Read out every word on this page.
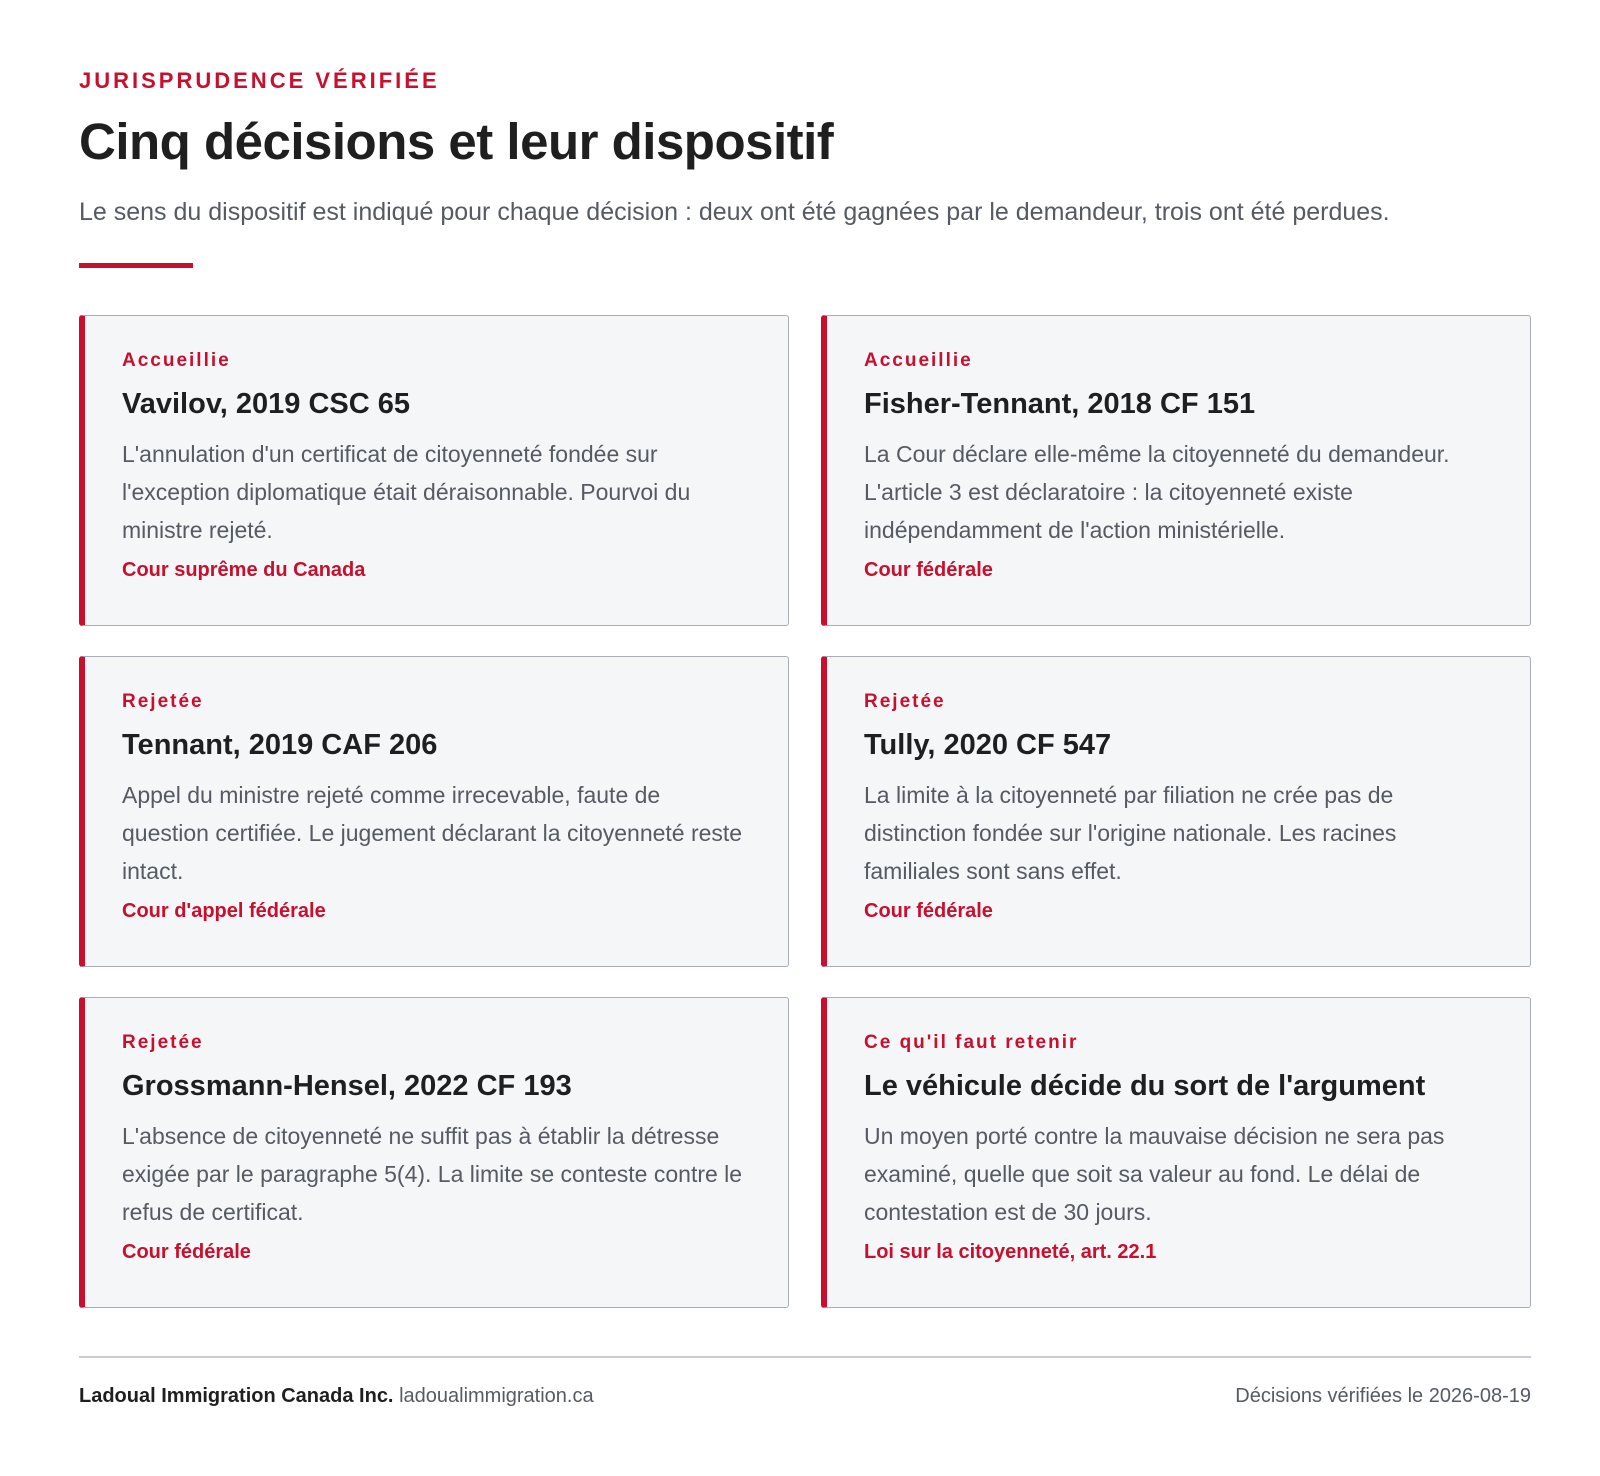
JURISPRUDENCE VÉRIFIÉE
Cinq décisions et leur dispositif
Le sens du dispositif est indiqué pour chaque décision : deux ont été gagnées par le demandeur, trois ont été perdues.
Accueillie
Vavilov, 2019 CSC 65
L'annulation d'un certificat de citoyenneté fondée sur l'exception diplomatique était déraisonnable. Pourvoi du ministre rejeté.
Cour suprême du Canada
Accueillie
Fisher-Tennant, 2018 CF 151
La Cour déclare elle-même la citoyenneté du demandeur. L'article 3 est déclaratoire : la citoyenneté existe indépendamment de l'action ministérielle.
Cour fédérale
Rejetée
Tennant, 2019 CAF 206
Appel du ministre rejeté comme irrecevable, faute de question certifiée. Le jugement déclarant la citoyenneté reste intact.
Cour d'appel fédérale
Rejetée
Tully, 2020 CF 547
La limite à la citoyenneté par filiation ne crée pas de distinction fondée sur l'origine nationale. Les racines familiales sont sans effet.
Cour fédérale
Rejetée
Grossmann-Hensel, 2022 CF 193
L'absence de citoyenneté ne suffit pas à établir la détresse exigée par le paragraphe 5(4). La limite se conteste contre le refus de certificat.
Cour fédérale
Ce qu'il faut retenir
Le véhicule décide du sort de l'argument
Un moyen porté contre la mauvaise décision ne sera pas examiné, quelle que soit sa valeur au fond. Le délai de contestation est de 30 jours.
Loi sur la citoyenneté, art. 22.1
Ladoual Immigration Canada Inc. ladoualimmigration.ca	Décisions vérifiées le 2026-08-19
